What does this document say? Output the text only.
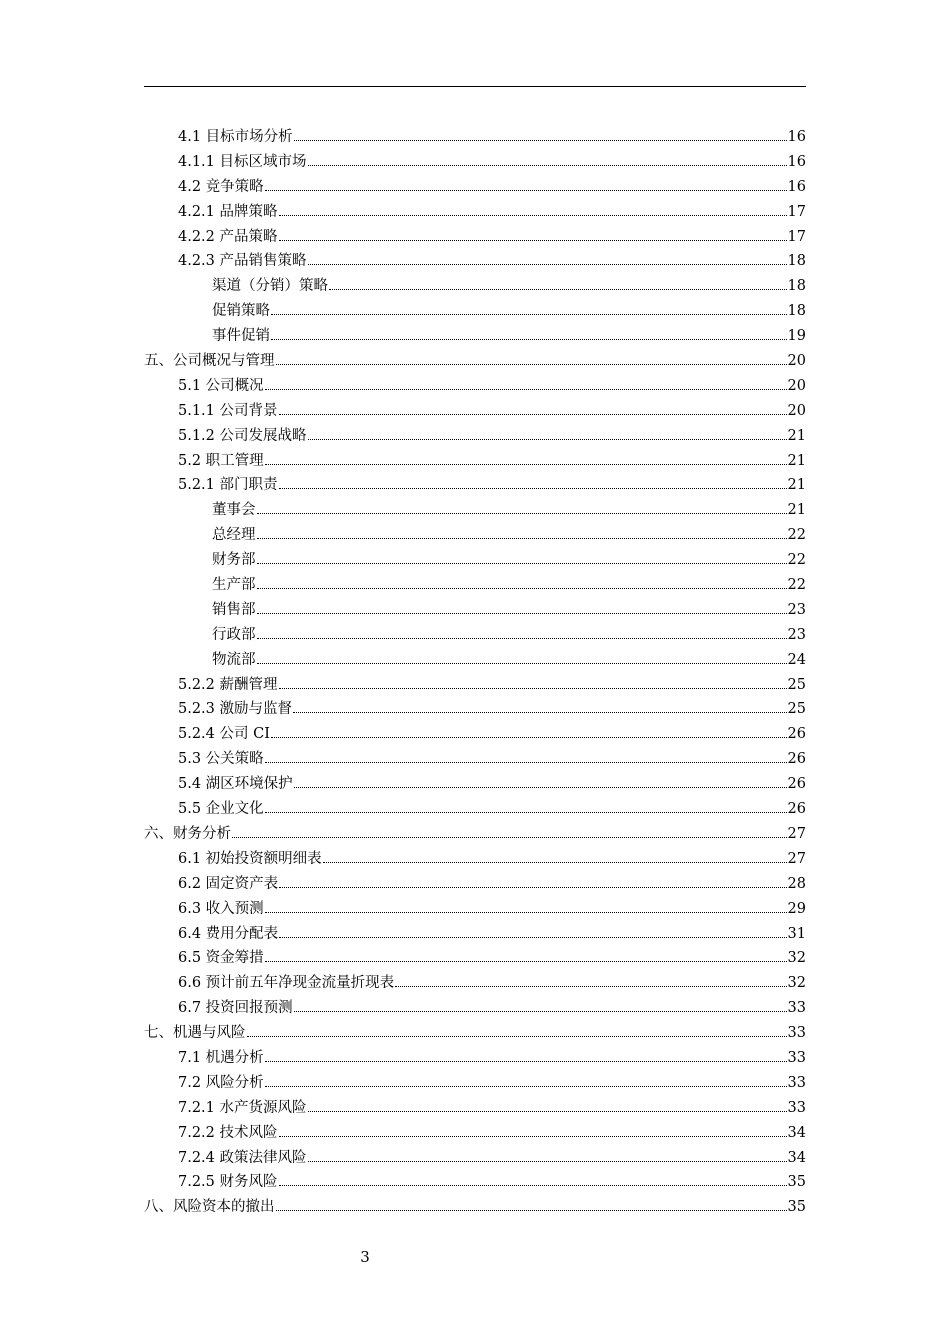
4.1 目标市场分析	16
4.1.1 目标区域市场	16
4.2 竞争策略	16
4.2.1 品牌策略	17
4.2.2 产品策略	17
4.2.3 产品销售策略	18
渠道（分销）策略	18
促销策略	18
事件促销	19
五、公司概况与管理	20
5.1 公司概况	20
5.1.1 公司背景	20
5.1.2 公司发展战略	21
5.2 职工管理	21
5.2.1 部门职责	21
董事会	21
总经理	22
财务部	22
生产部	22
销售部	23
行政部	23
物流部	24
5.2.2 薪酬管理	25
5.2.3 激励与监督	25
5.2.4 公司 CI	26
5.3 公关策略	26
5.4 湖区环境保护	26
5.5 企业文化	26
六、财务分析	27
6.1 初始投资额明细表	27
6.2 固定资产表	28
6.3 收入预测	29
6.4 费用分配表	31
6.5 资金筹措	32
6.6 预计前五年净现金流量折现表	32
6.7 投资回报预测	33
七、机遇与风险	33
7.1 机遇分析	33
7.2 风险分析	33
7.2.1 水产货源风险	33
7.2.2 技术风险	34
7.2.4 政策法律风险	34
7.2.5 财务风险	35
八、风险资本的撤出	35
3
